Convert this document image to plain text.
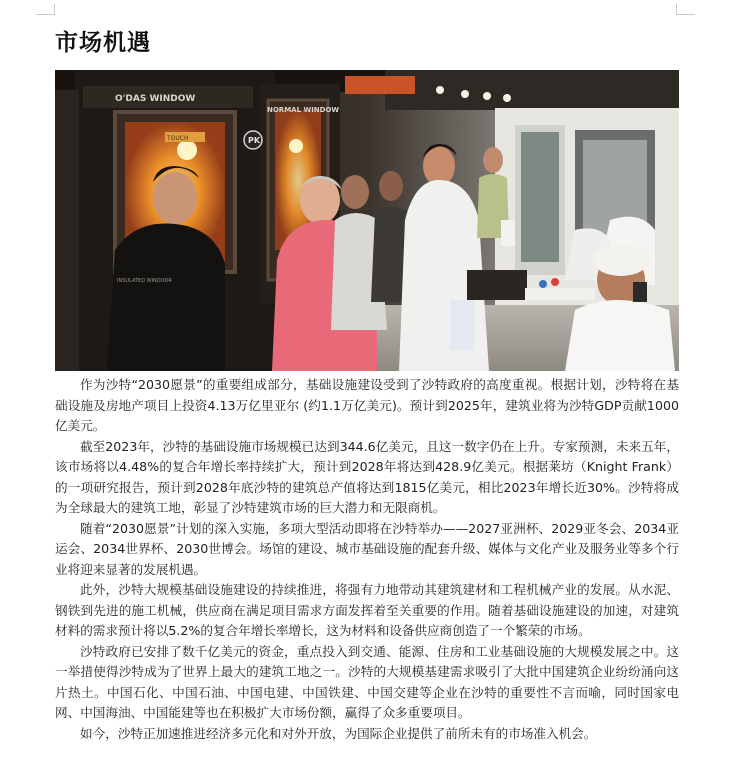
市场机遇
O'DAS WINDOW
NORMAL WINDOW
PK
TOUCH
INSULATED WINDOOR

作为沙特“2030愿景”的重要组成部分，基础设施建设受到了沙特政府的高度重视。根据计划，沙特将在基础设施及房地产项目上投资4.13万亿里亚尔 (约1.1万亿美元)。预计到2025年，建筑业将为沙特GDP贡献1000亿美元。

截至2023年，沙特的基础设施市场规模已达到344.6亿美元，且这一数字仍在上升。专家预测，未来五年，该市场将以4.48%的复合年增长率持续扩大，预计到2028年将达到428.9亿美元。根据莱坊（Knight Frank）的一项研究报告，预计到2028年底沙特的建筑总产值将达到1815亿美元，相比2023年增长近30%。沙特将成为全球最大的建筑工地，彰显了沙特建筑市场的巨大潜力和无限商机。

随着“2030愿景”计划的深入实施，多项大型活动即将在沙特举办——2027亚洲杯、2029亚冬会、2034亚运会、2034世界杯、2030世博会。场馆的建设、城市基础设施的配套升级、媒体与文化产业及服务业等多个行业将迎来显著的发展机遇。

此外，沙特大规模基础设施建设的持续推进，将强有力地带动其建筑建材和工程机械产业的发展。从水泥、钢铁到先进的施工机械，供应商在满足项目需求方面发挥着至关重要的作用。随着基础设施建设的加速，对建筑材料的需求预计将以5.2%的复合年增长率增长，这为材料和设备供应商创造了一个繁荣的市场。

沙特政府已安排了数千亿美元的资金，重点投入到交通、能源、住房和工业基础设施的大规模发展之中。这一举措使得沙特成为了世界上最大的建筑工地之一。沙特的大规模基建需求吸引了大批中国建筑企业纷纷涌向这片热土。中国石化、中国石油、中国电建、中国铁建、中国交建等企业在沙特的重要性不言而喻，同时国家电网、中国海油、中国能建等也在积极扩大市场份额，赢得了众多重要项目。

如今，沙特正加速推进经济多元化和对外开放，为国际企业提供了前所未有的市场准入机会。
